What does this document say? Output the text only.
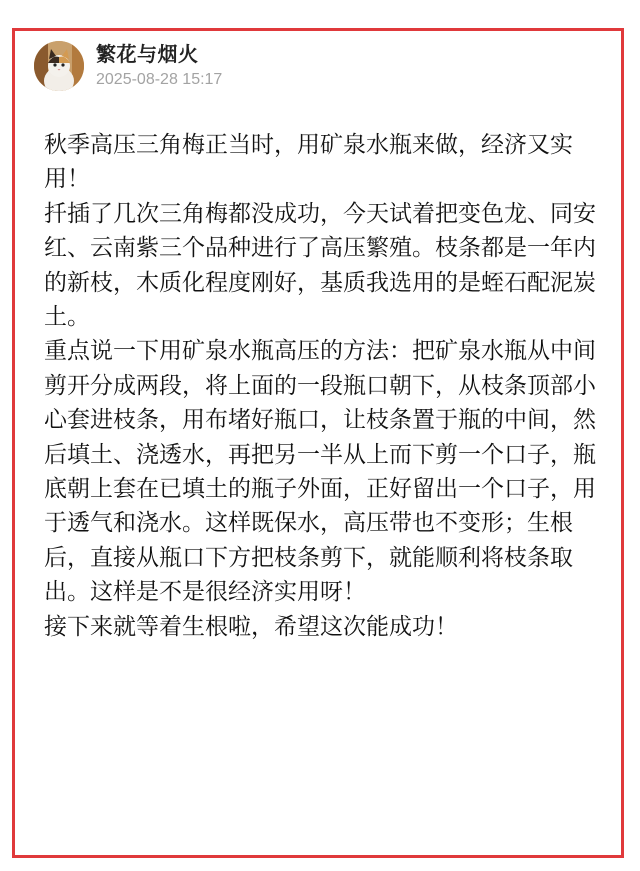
繁花与烟火
2025-08-28 15:17

秋季高压三角梅正当时，用矿泉水瓶来做，经济又实用！

扦插了几次三角梅都没成功，今天试着把变色龙、同安红、云南紫三个品种进行了高压繁殖。枝条都是一年内的新枝，木质化程度刚好，基质我选用的是蛭石配泥炭土。

重点说一下用矿泉水瓶高压的方法：把矿泉水瓶从中间剪开分成两段，将上面的一段瓶口朝下，从枝条顶部小心套进枝条，用布堵好瓶口，让枝条置于瓶的中间，然后填土、浇透水，再把另一半从上而下剪一个口子，瓶底朝上套在已填土的瓶子外面，正好留出一个口子，用于透气和浇水。这样既保水，高压带也不变形；生根后，直接从瓶口下方把枝条剪下，就能顺利将枝条取出。这样是不是很经济实用呀！

接下来就等着生根啦，希望这次能成功！
